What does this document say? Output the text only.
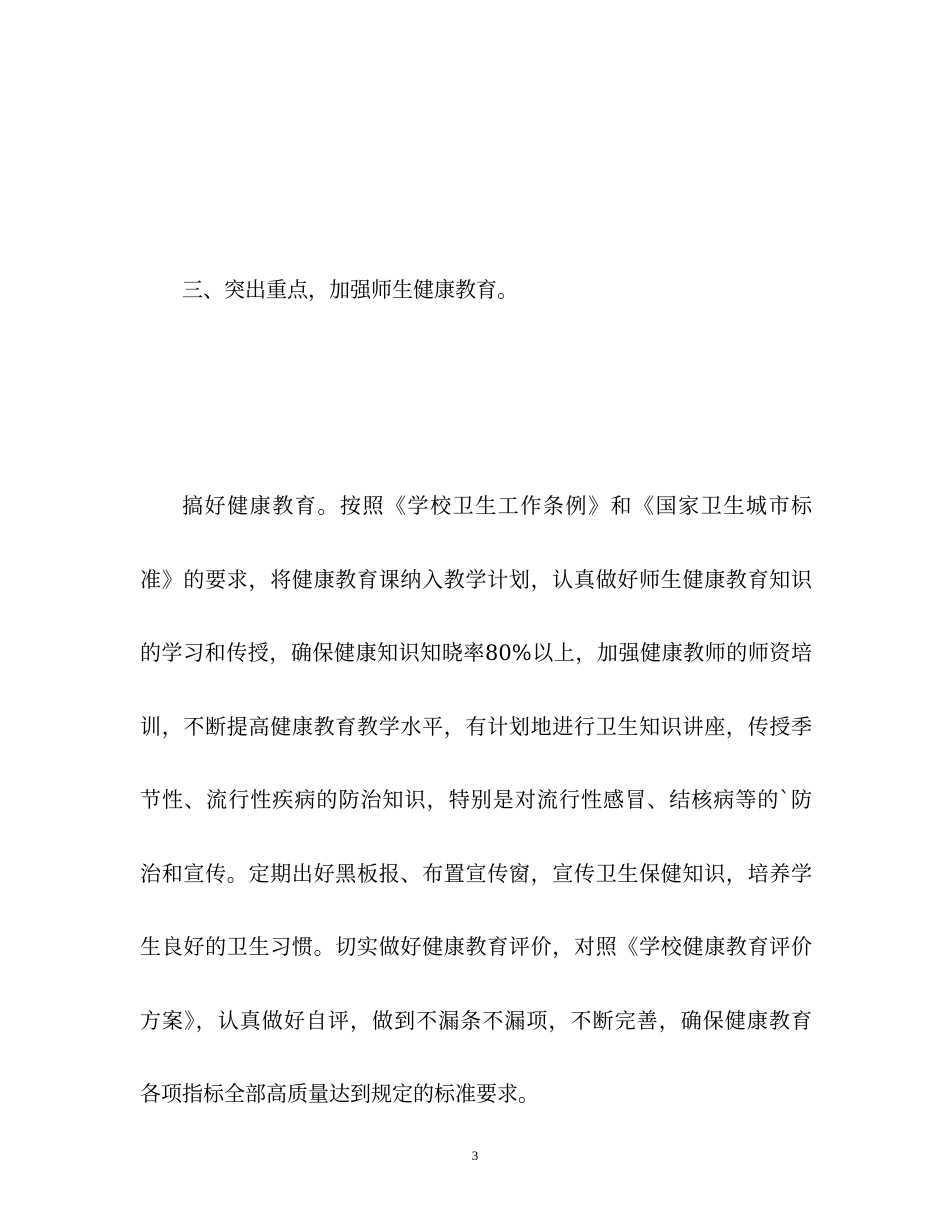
三、突出重点，加强师生健康教育。
搞好健康教育。按照《学校卫生工作条例》和《国家卫生城市标
准》的要求，将健康教育课纳入教学计划，认真做好师生健康教育知识
的学习和传授，确保健康知识知晓率80%以上，加强健康教师的师资培
训，不断提高健康教育教学水平，有计划地进行卫生知识讲座，传授季
节性、流行性疾病的防治知识，特别是对流行性感冒、结核病等的`防
治和宣传。定期出好黑板报、布置宣传窗，宣传卫生保健知识，培养学
生良好的卫生习惯。切实做好健康教育评价，对照《学校健康教育评价
方案》，认真做好自评，做到不漏条不漏项，不断完善，确保健康教育
各项指标全部高质量达到规定的标准要求。
3
